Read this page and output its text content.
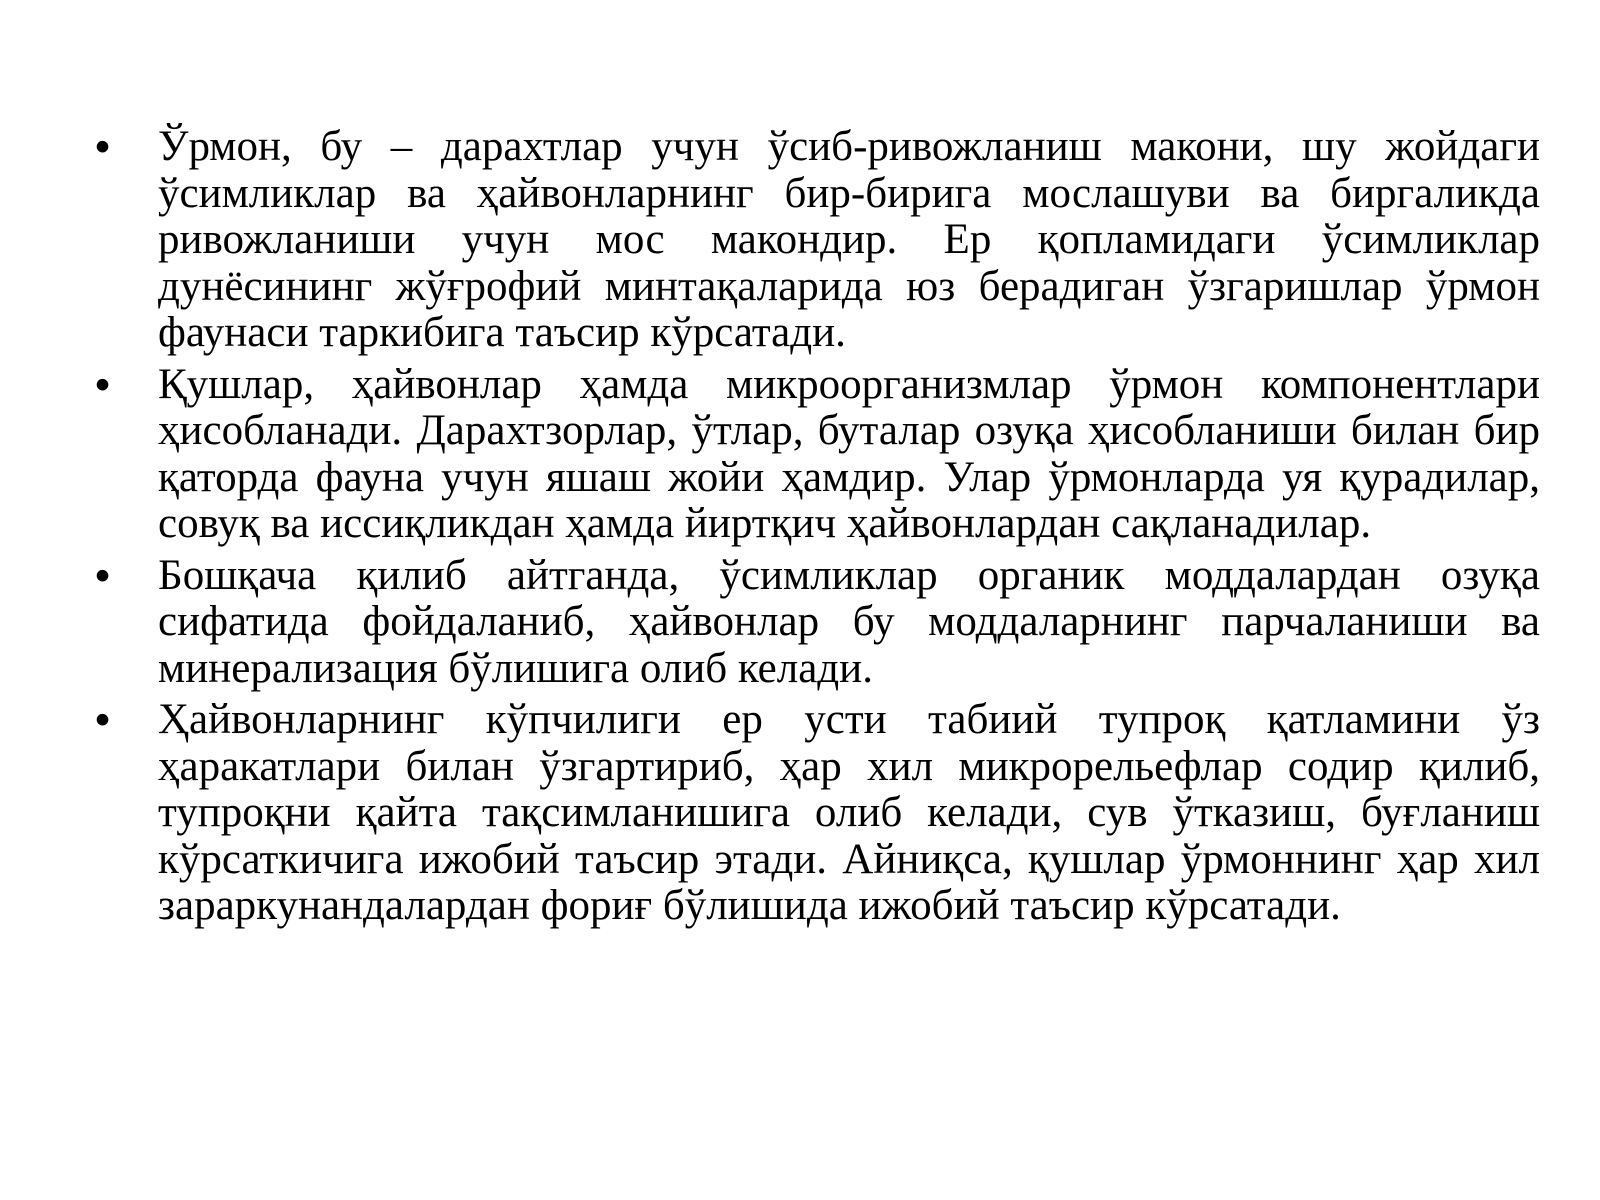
• Ўрмон, бу – дарахтлар учун ўсиб-ривожланиш макони, шу жойдаги ўсимликлар ва ҳайвонларнинг бир-бирига мослашуви ва биргаликда ривожланиши учун мос макондир. Ер қопламидаги ўсимликлар дунёсининг жўғрофий минтақаларида юз берадиган ўзгаришлар ўрмон фаунаси таркибига таъсир кўрсатади.
• Қушлар, ҳайвонлар ҳамда микроорганизмлар ўрмон компонентлари ҳисобланади. Дарахтзорлар, ўтлар, буталар озуқа ҳисобланиши билан бир қаторда фауна учун яшаш жойи ҳамдир. Улар ўрмонларда уя қурадилар, совуқ ва иссиқликдан ҳамда йиртқич ҳайвонлардан сақланадилар.
• Бошқача қилиб айтганда, ўсимликлар органик моддалардан озуқа сифатида фойдаланиб, ҳайвонлар бу моддаларнинг парчаланиши ва минерализация бўлишига олиб келади.
• Ҳайвонларнинг кўпчилиги ер усти табиий тупроқ қатламини ўз ҳаракатлари билан ўзгартириб, ҳар хил микрорельефлар содир қилиб, тупроқни қайта тақсимланишига олиб келади, сув ўтказиш, буғланиш кўрсаткичига ижобий таъсир этади. Айниқса, қушлар ўрмоннинг ҳар хил зараркунандалардан фориғ бўлишида ижобий таъсир кўрсатади.
